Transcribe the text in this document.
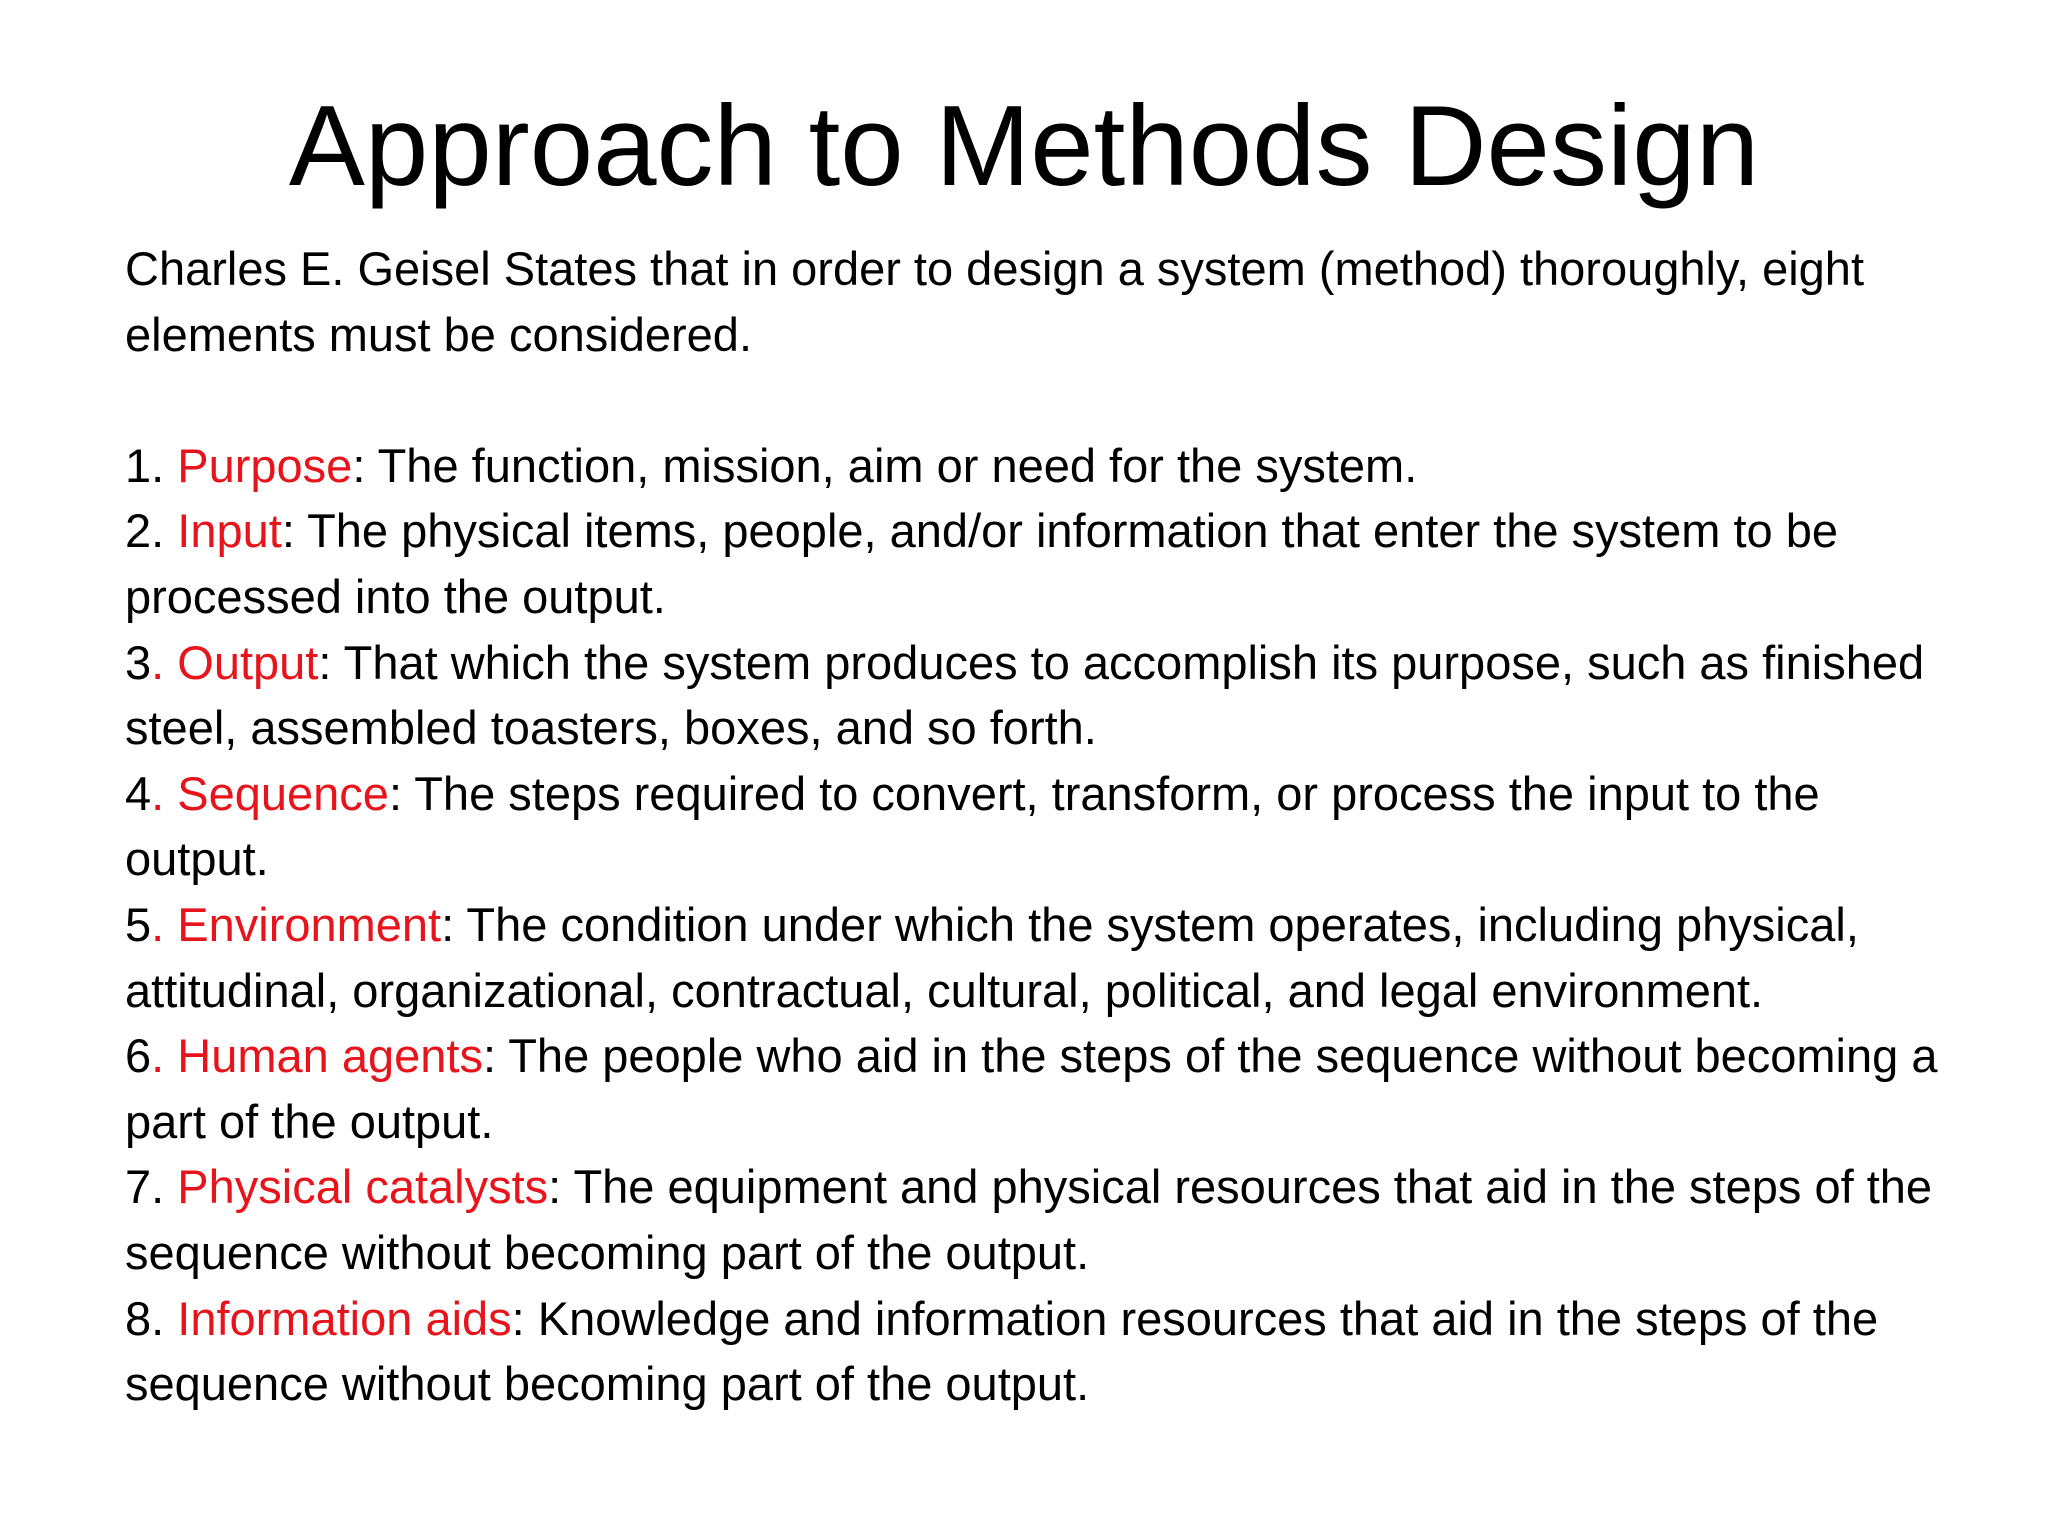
Approach to Methods Design

Charles E. Geisel States that in order to design a system (method) thoroughly, eight elements must be considered.

1. Purpose: The function, mission, aim or need for the system.

2. Input: The physical items, people, and/or information that enter the system to be processed into the output.

3. Output: That which the system produces to accomplish its purpose, such as finished steel, assembled toasters, boxes, and so forth.

4. Sequence: The steps required to convert, transform, or process the input to the output.

5. Environment: The condition under which the system operates, including physical, attitudinal, organizational, contractual, cultural, political, and legal environment.

6. Human agents: The people who aid in the steps of the sequence without becoming a part of the output.

7. Physical catalysts: The equipment and physical resources that aid in the steps of the sequence without becoming part of the output.

8. Information aids: Knowledge and information resources that aid in the steps of the sequence without becoming part of the output.
